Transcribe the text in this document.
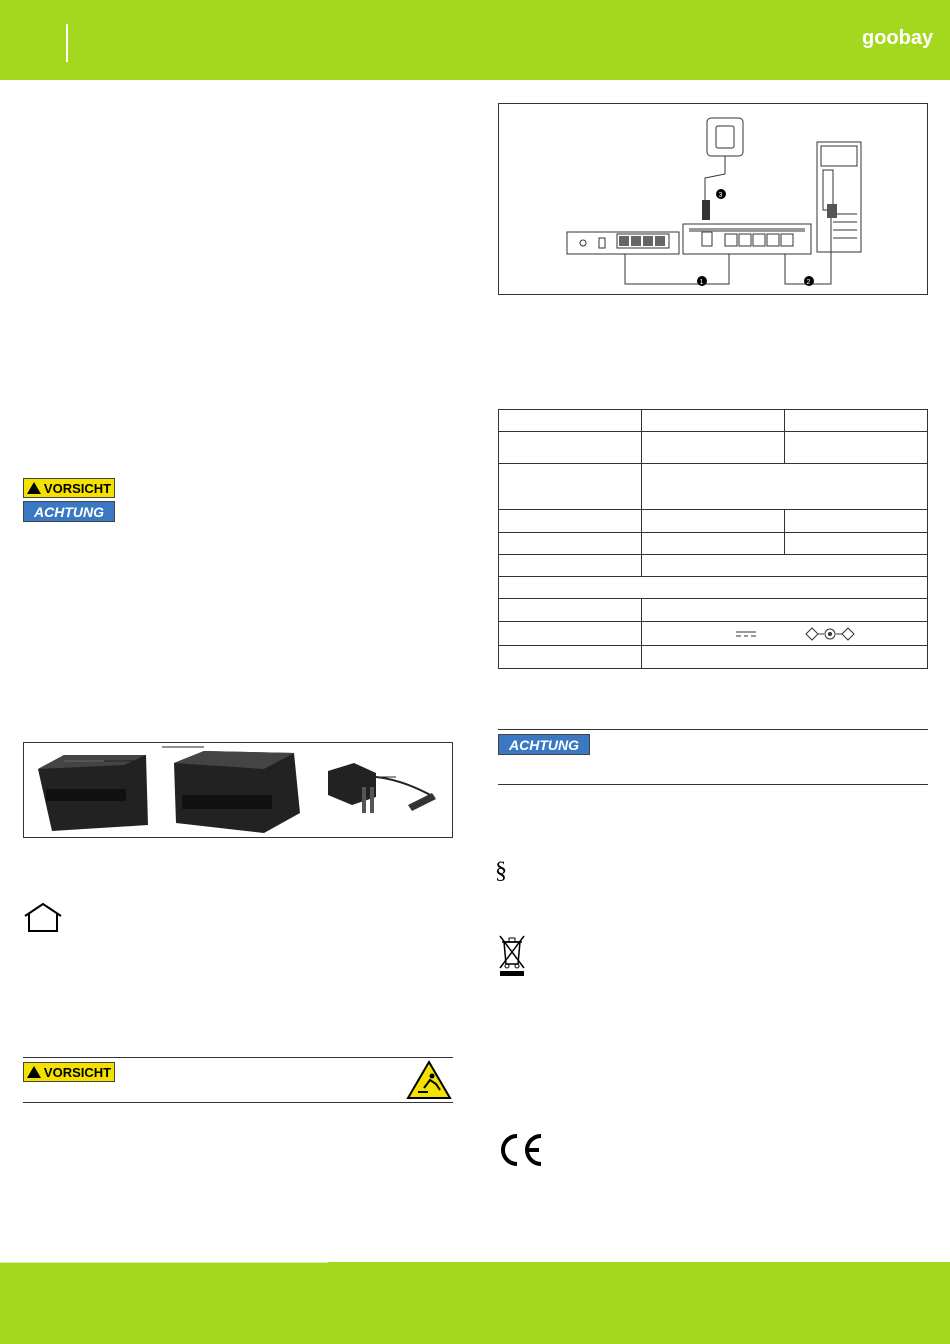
goobay
3
1	2

VORSICHT
ACHTUNG
VORSICHT
ACHTUNG
§
